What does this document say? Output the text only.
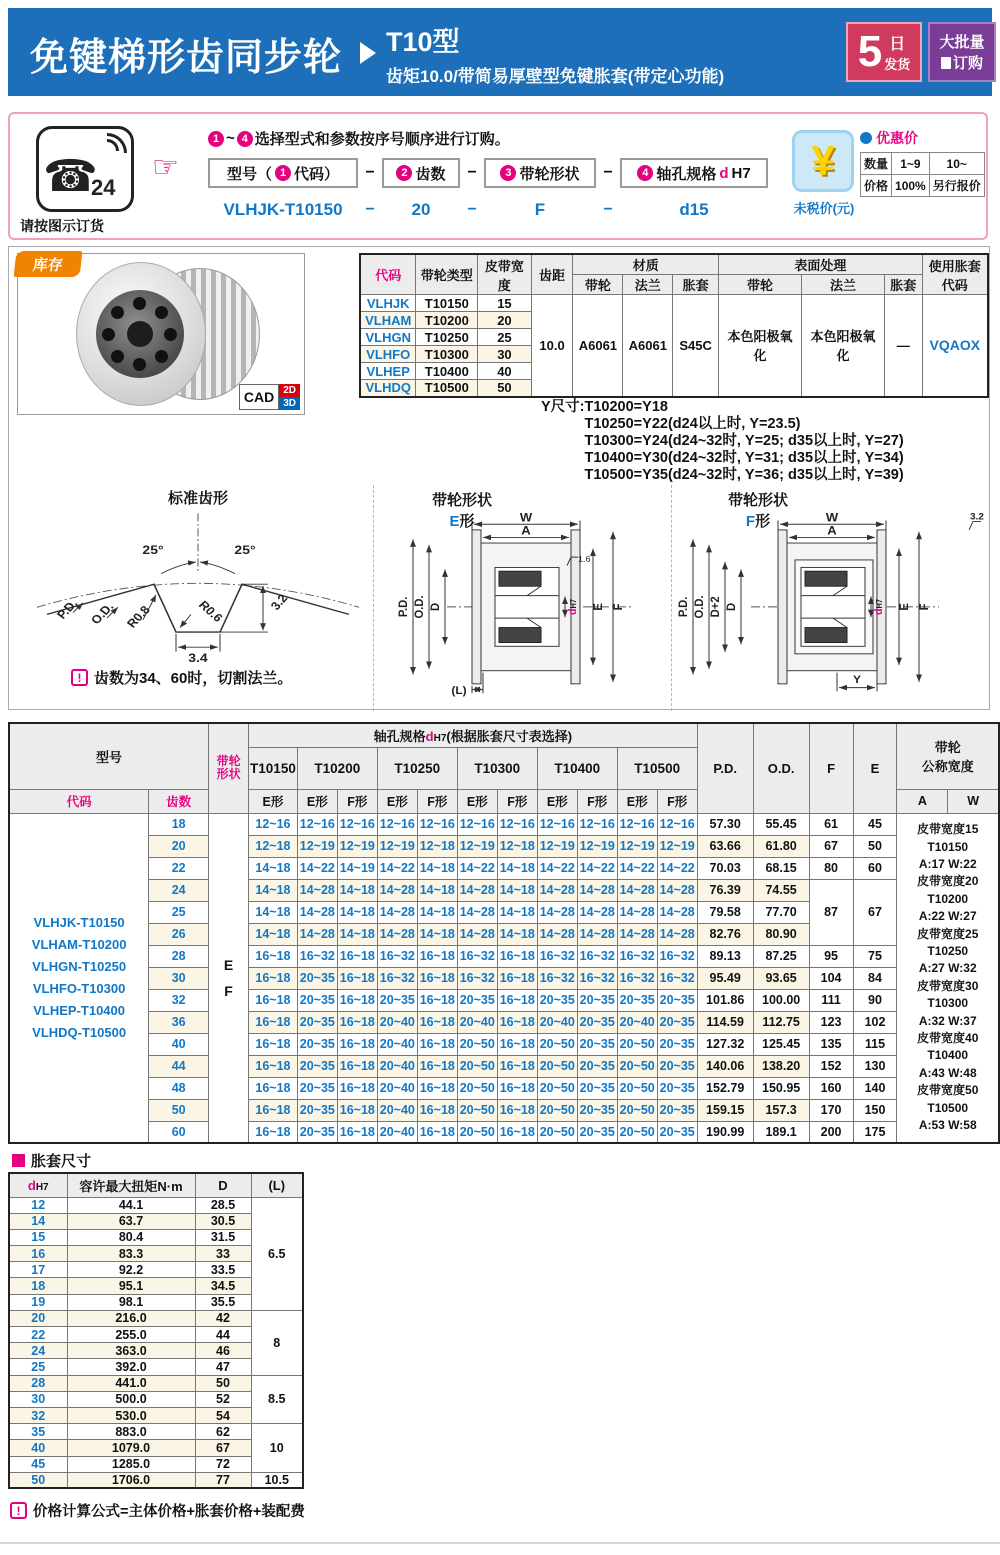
免键梯形齿同步轮 T10型
齿矩10.0/带简易厚壁型免键胀套(带定心功能)
5 日
发货
大批量
订购
☎
24
请按图示订货
☞
1 ~ 4 选择型式和参数按序号顺序进行订购。
型号（ 1 代码）	−	2 齿数	−	3 带轮形状	−	4 轴孔规格 d H7
VLHJK-T10150	−	20	−	F	−	d15
¥
未税价(元)
优惠价
数量	1~9	10~
价格	100%	另行报价
库存
CAD 2D
3D
代码	带轮类型	皮带宽度	齿距	材质			表面处理			使用胀套
代码

				带轮	法兰	胀套	带轮	法兰	胀套	
VLHJK	T10150	15	10.0	A6061	A6061	S45C	本色阳极氧化	本色阳极氧化	—	VQAOX
VLHAM	T10200	20								
VLHGN	T10250	25								
VLHFO	T10300	30								
VLHEP	T10400	40								
VLHDQ	T10500	50								
Y尺寸: T10200=Y18
T10250=Y22(d24以上时, Y=23.5)
T10300=Y24(d24~32时, Y=25; d35以上时, Y=27)
T10400=Y30(d24~32时, Y=31; d35以上时, Y=34)
T10500=Y35(d24~32时, Y=36; d35以上时, Y=39)
标准齿形
25°	25°
P.D. O.D. R0.8	R0.6	3.2
3.4
带轮形状
E形	W
A
P.D. O.D. D
dH7 E F
1.6
(L)
带轮形状
F形	3.2
W
A
P.D. O.D. D+2 D
dH7 E F
Y
! 齿数为34、60时，切割法兰。
型号	带轮
形状
	轴孔规格dH7(根据胀套尺寸表选择)	P.D.	O.D.	F	E	
带轮
公称宽度

			T10150	T10200		T10250		T10300		T10400		T10500							
代码	齿数		E形	E形	F形	E形	F形	E形	F形	E形	F形	E形	F形					A	W

VLHJK-T10150
VLHAM-T10200
VLHGN-T10250
VLHFO-T10300
VLHEP-T10400
VLHDQ-T10500
	18	
E
F
	12~16	12~16	12~16	12~16	12~16	12~16	12~16	12~16	12~16	12~16	12~16	57.30	55.45	61	45	皮带宽度15
T10150
A:17 W:22
皮带宽度20
T10200
A:22 W:27
皮带宽度25
T10250
A:27 W:32
皮带宽度30
T10300
A:32 W:37
皮带宽度40
T10400
A:43 W:48
皮带宽度50
T10500
A:53 W:58

	20		12~18	12~19	12~19	12~19	12~18	12~19	12~18	12~19	12~19	12~19	12~19	63.66	61.80	67	50		
	22		14~18	14~22	14~19	14~22	14~18	14~22	14~18	14~22	14~22	14~22	14~22	70.03	68.15	80	60		
	24		14~18	14~28	14~18	14~28	14~18	14~28	14~18	14~28	14~28	14~28	14~28	76.39	74.55	87	67		
	25		14~18	14~28	14~18	14~28	14~18	14~28	14~18	14~28	14~28	14~28	14~28	79.58	77.70				
	26		14~18	14~28	14~18	14~28	14~18	14~28	14~18	14~28	14~28	14~28	14~28	82.76	80.90				
	28		16~18	16~32	16~18	16~32	16~18	16~32	16~18	16~32	16~32	16~32	16~32	89.13	87.25	95	75		
	30		16~18	20~35	16~18	16~32	16~18	16~32	16~18	16~32	16~32	16~32	16~32	95.49	93.65	104	84		
	32		16~18	20~35	16~18	20~35	16~18	20~35	16~18	20~35	20~35	20~35	20~35	101.86	100.00	111	90		
	36		16~18	20~35	16~18	20~40	16~18	20~40	16~18	20~40	20~35	20~40	20~35	114.59	112.75	123	102		
	40		16~18	20~35	16~18	20~40	16~18	20~50	16~18	20~50	20~35	20~50	20~35	127.32	125.45	135	115		
	44		16~18	20~35	16~18	20~40	16~18	20~50	16~18	20~50	20~35	20~50	20~35	140.06	138.20	152	130		
	48		16~18	20~35	16~18	20~40	16~18	20~50	16~18	20~50	20~35	20~50	20~35	152.79	150.95	160	140		
	50		16~18	20~35	16~18	20~40	16~18	20~50	16~18	20~50	20~35	20~50	20~35	159.15	157.3	170	150		
	60		16~18	20~35	16~18	20~40	16~18	20~50	16~18	20~50	20~35	20~50	20~35	190.99	189.1	200	175		
胀套尺寸
dH7	容许最大扭矩N·m	D	(L)
12	44.1	28.5	6.5
14	63.7	30.5	
15	80.4	31.5	
16	83.3	33	
17	92.2	33.5	
18	95.1	34.5	
19	98.1	35.5	
20	216.0	42	8
22	255.0	44	
24	363.0	46	
25	392.0	47	
28	441.0	50	8.5
30	500.0	52	
32	530.0	54	
35	883.0	62	10
40	1079.0	67	
45	1285.0	72	
50	1706.0	77	10.5
! 价格计算公式=主体价格+胀套价格+装配费
